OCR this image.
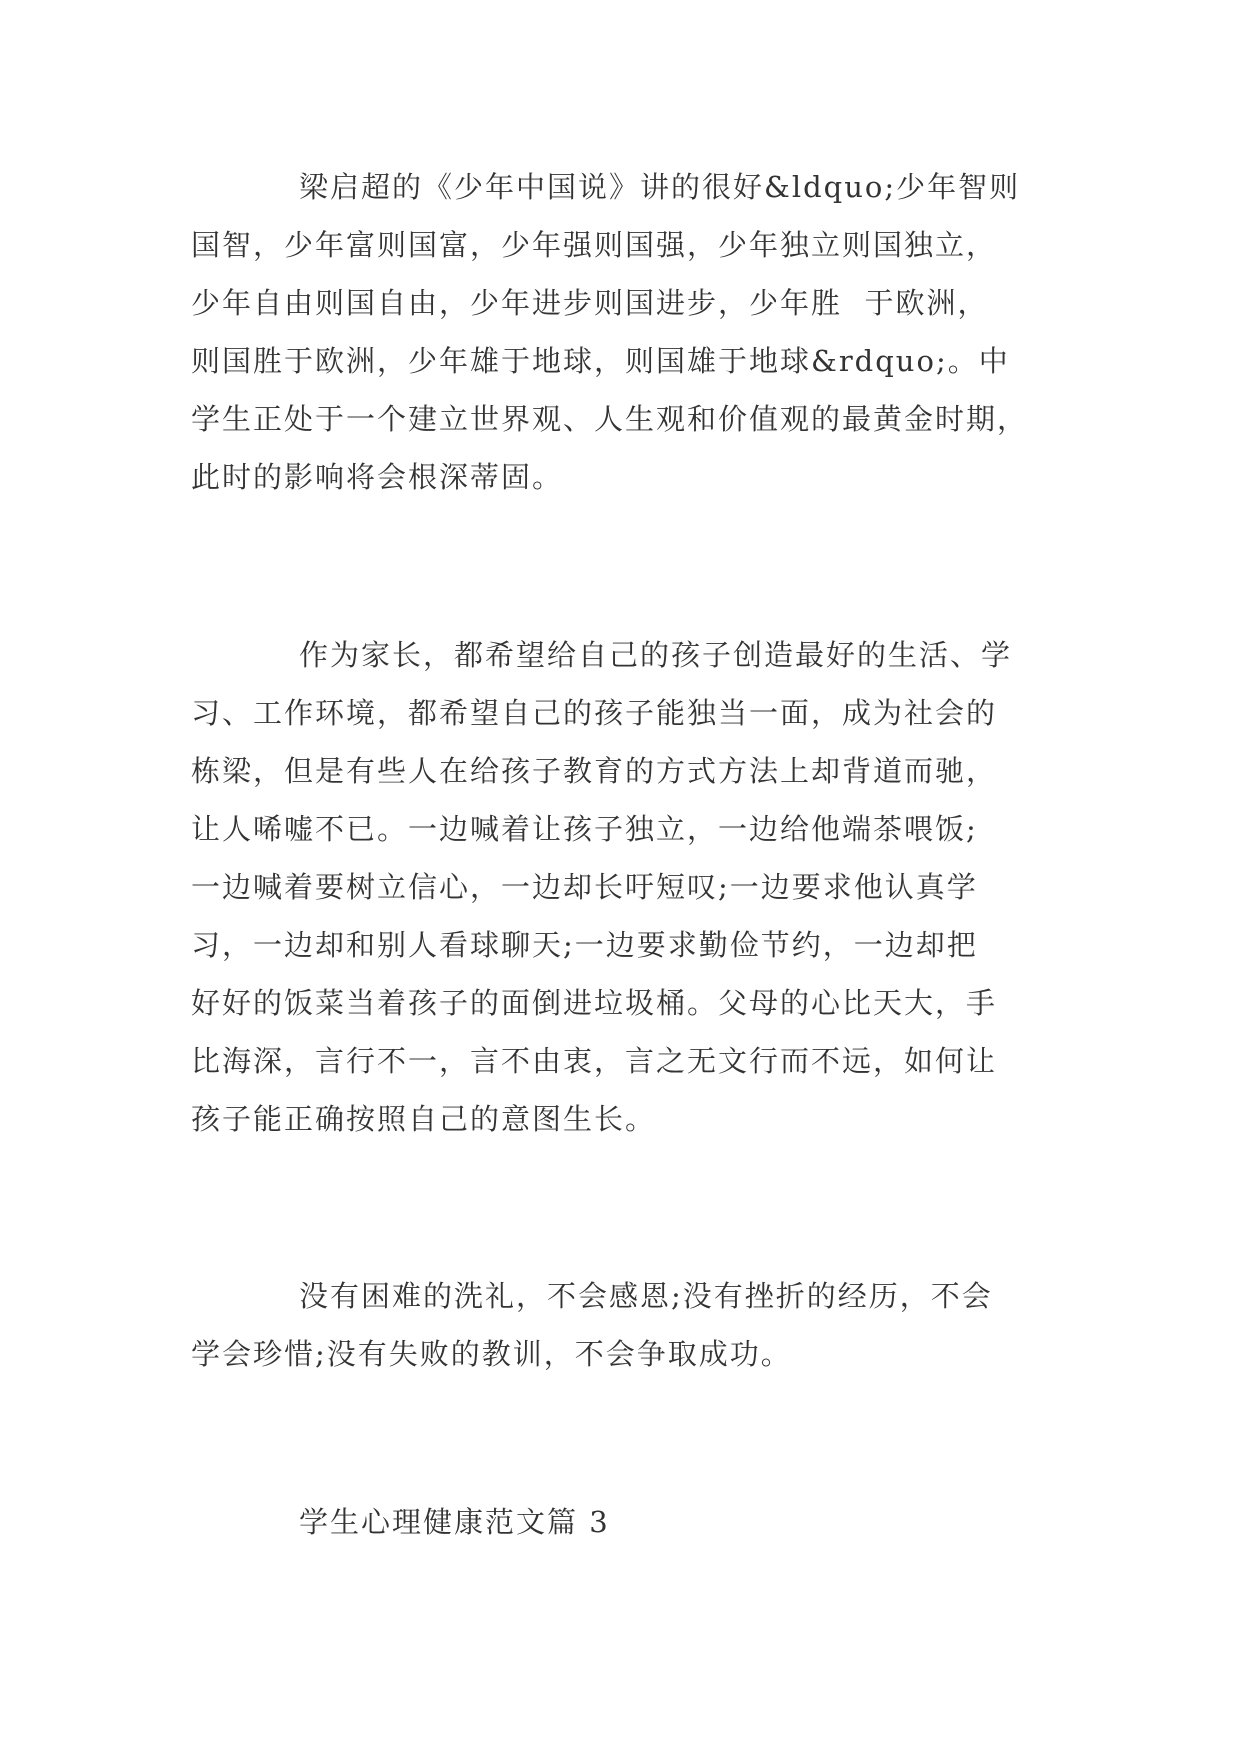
梁启超的《少年中国说》讲的很好&ldquo;少年智则
国智，少年富则国富，少年强则国强，少年独立则国独立，
少年自由则国自由，少年进步则国进步，少年胜  于欧洲，
则国胜于欧洲，少年雄于地球，则国雄于地球&rdquo;。中
学生正处于一个建立世界观、人生观和价值观的最黄金时期，
此时的影响将会根深蒂固。
作为家长，都希望给自己的孩子创造最好的生活、学
习、工作环境，都希望自己的孩子能独当一面，成为社会的
栋梁，但是有些人在给孩子教育的方式方法上却背道而驰，
让人唏嘘不已。一边喊着让孩子独立，一边给他端茶喂饭;
一边喊着要树立信心，一边却长吁短叹;一边要求他认真学
习，一边却和别人看球聊天;一边要求勤俭节约，一边却把
好好的饭菜当着孩子的面倒进垃圾桶。父母的心比天大，手
比海深，言行不一，言不由衷，言之无文行而不远，如何让
孩子能正确按照自己的意图生长。
没有困难的洗礼，不会感恩;没有挫折的经历，不会
学会珍惜;没有失败的教训，不会争取成功。
学生心理健康范文篇 3
